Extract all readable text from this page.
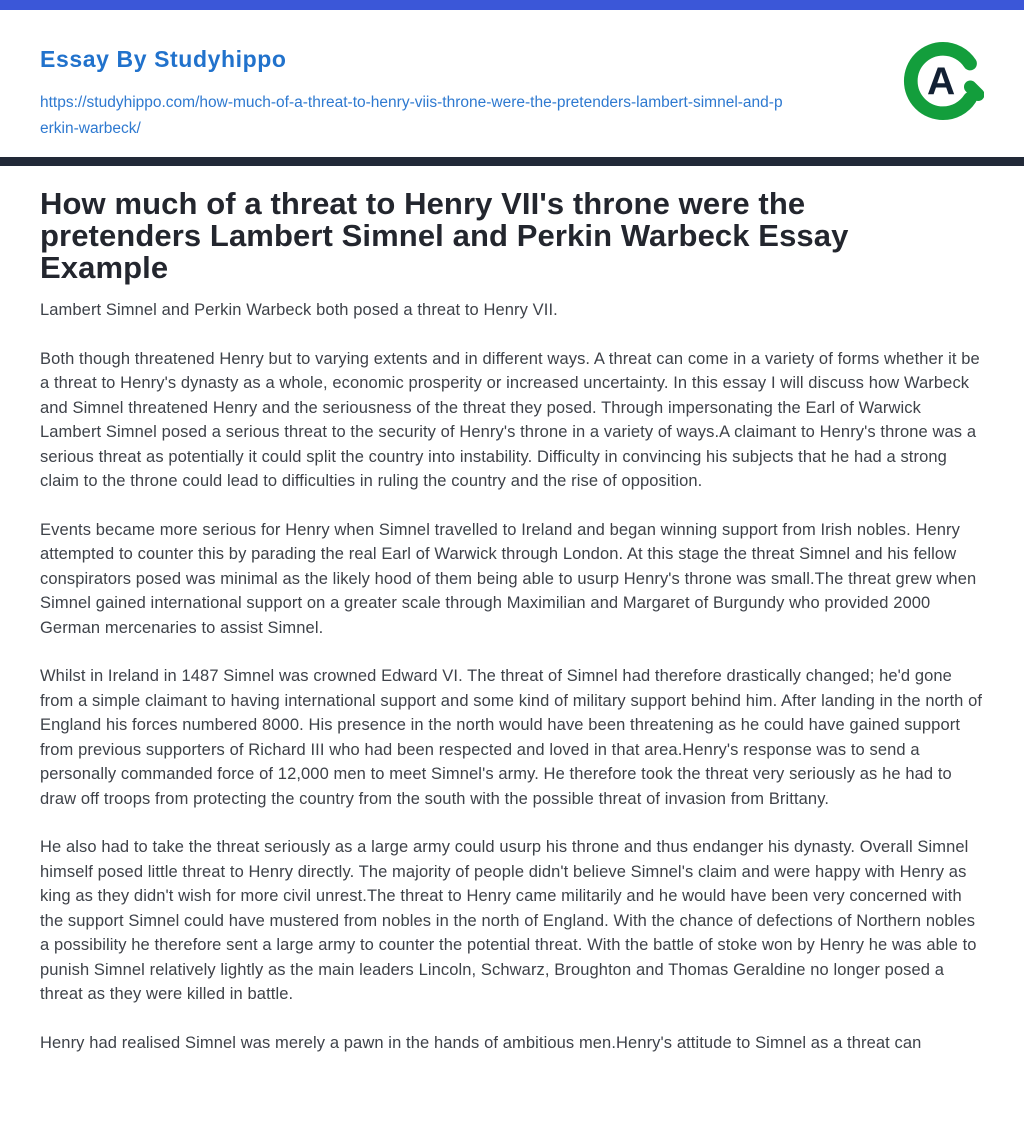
Essay By Studyhippo
https://studyhippo.com/how-much-of-a-threat-to-henry-viis-throne-were-the-pretenders-lambert-simnel-and-perkin-warbeck/
A
How much of a threat to Henry VII's throne were the pretenders Lambert Simnel and Perkin Warbeck Essay Example

Lambert Simnel and Perkin Warbeck both posed a threat to Henry VII.

Both though threatened Henry but to varying extents and in different ways. A threat can come in a variety of forms whether it be a threat to Henry's dynasty as a whole, economic prosperity or increased uncertainty. In this essay I will discuss how Warbeck and Simnel threatened Henry and the seriousness of the threat they posed. Through impersonating the Earl of Warwick Lambert Simnel posed a serious threat to the security of Henry's throne in a variety of ways.A claimant to Henry's throne was a serious threat as potentially it could split the country into instability. Difficulty in convincing his subjects that he had a strong claim to the throne could lead to difficulties in ruling the country and the rise of opposition.

Events became more serious for Henry when Simnel travelled to Ireland and began winning support from Irish nobles. Henry attempted to counter this by parading the real Earl of Warwick through London. At this stage the threat Simnel and his fellow conspirators posed was minimal as the likely hood of them being able to usurp Henry's throne was small.The threat grew when Simnel gained international support on a greater scale through Maximilian and Margaret of Burgundy who provided 2000 German mercenaries to assist Simnel.

Whilst in Ireland in 1487 Simnel was crowned Edward VI. The threat of Simnel had therefore drastically changed; he'd gone from a simple claimant to having international support and some kind of military support behind him. After landing in the north of England his forces numbered 8000. His presence in the north would have been threatening as he could have gained support from previous supporters of Richard III who had been respected and loved in that area.Henry's response was to send a personally commanded force of 12,000 men to meet Simnel's army. He therefore took the threat very seriously as he had to draw off troops from protecting the country from the south with the possible threat of invasion from Brittany.

He also had to take the threat seriously as a large army could usurp his throne and thus endanger his dynasty. Overall Simnel himself posed little threat to Henry directly. The majority of people didn't believe Simnel's claim and were happy with Henry as king as they didn't wish for more civil unrest.The threat to Henry came militarily and he would have been very concerned with the support Simnel could have mustered from nobles in the north of England. With the chance of defections of Northern nobles a possibility he therefore sent a large army to counter the potential threat. With the battle of stoke won by Henry he was able to punish Simnel relatively lightly as the main leaders Lincoln, Schwarz, Broughton and Thomas Geraldine no longer posed a threat as they were killed in battle.

Henry had realised Simnel was merely a pawn in the hands of ambitious men.Henry's attitude to Simnel as a threat can
